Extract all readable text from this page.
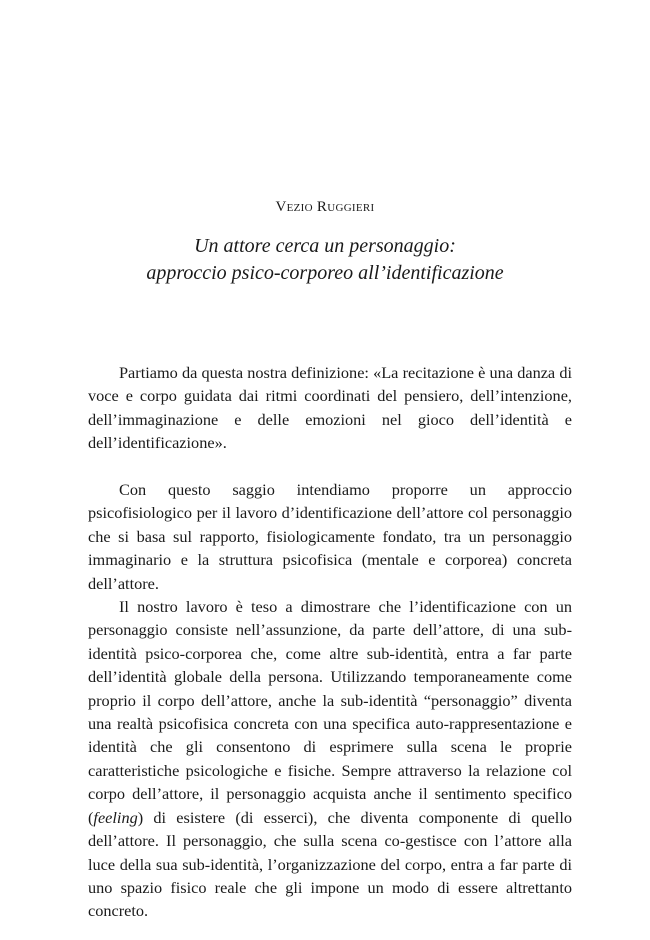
Vezio Ruggieri
Un attore cerca un personaggio:
approccio psico-corporeo all’identificazione

Partiamo da questa nostra definizione: «La recitazione è una danza di voce e corpo guidata dai ritmi coordinati del pensiero, dell’intenzione, dell’immaginazione e delle emozioni nel gioco dell’identità e dell’identificazione».

Con questo saggio intendiamo proporre un approccio psicofisiologico per il lavoro d’identificazione dell’attore col personaggio che si basa sul rapporto, fisiologicamente fondato, tra un personaggio immaginario e la struttura psicofisica (mentale e corporea) concreta dell’attore.

Il nostro lavoro è teso a dimostrare che l’identificazione con un personaggio consiste nell’assunzione, da parte dell’attore, di una sub-identità psico-corporea che, come altre sub-identità, entra a far parte dell’identità globale della persona. Utilizzando temporaneamente come proprio il corpo dell’attore, anche la sub-identità “personaggio” diventa una realtà psicofisica concreta con una specifica auto-rappresentazione e identità che gli consentono di esprimere sulla scena le proprie caratteristiche psicologiche e fisiche. Sempre attraverso la relazione col corpo dell’attore, il personaggio acquista anche il sentimento specifico (feeling) di esistere (di esserci), che diventa componente di quello dell’attore. Il personaggio, che sulla scena co-gestisce con l’attore alla luce della sua sub-identità, l’organizzazione del corpo, entra a far parte di uno spazio fisico reale che gli impone un modo di essere altrettanto concreto.
